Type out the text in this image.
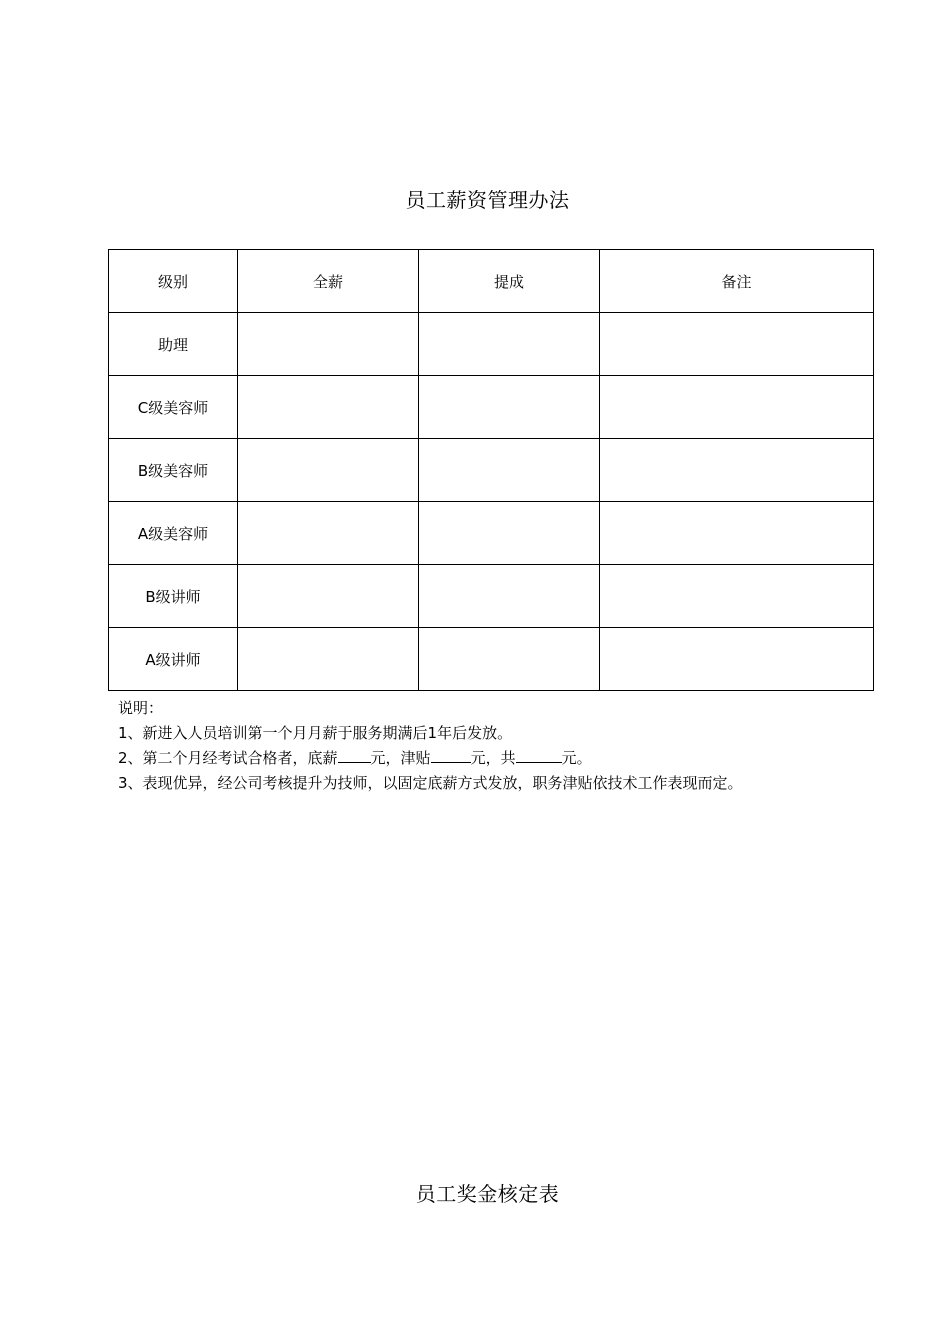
员工薪资管理办法
级别	全薪	提成	备注
助理			
C级美容师			
B级美容师			
A级美容师			
B级讲师			
A级讲师			
说明：
1、新进入人员培训第一个月月薪于服务期满后1年后发放。
2、第二个月经考试合格者，底薪 元，津贴	元，共	元。
3、表现优异，经公司考核提升为技师，以固定底薪方式发放，职务津贴依技术工作表现而定。
员工奖金核定表
